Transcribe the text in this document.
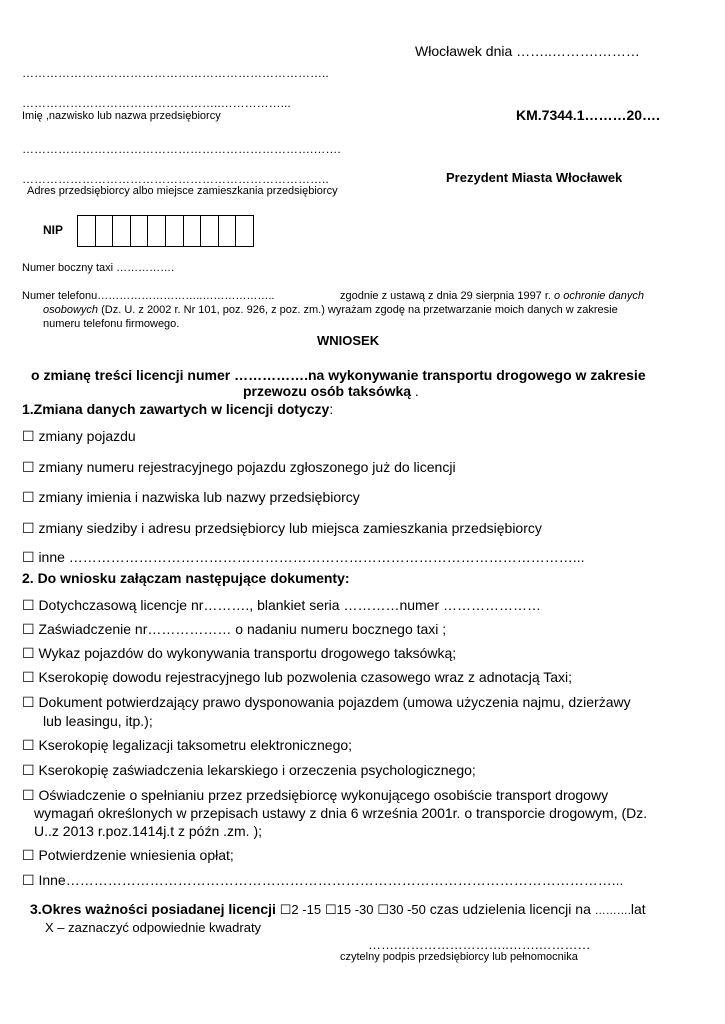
Włocławek dnia ……..……….………
…………………………………………………………………..
…………………………………………..……………...
Imię ,nazwisko lub nazwa przedsiębiorcy	KM.7344.1………20….
……………………………………………………………….…….
…………………………………………………………………..	Prezydent Miasta Włocławek
Adres przedsiębiorcy albo miejsce zamieszkania przedsiębiorcy
NIP
Numer boczny taxi …………….
Numer telefonu………………………..………………..	zgodnie z ustawą z dnia 29 sierpnia 1997 r. o ochronie danych
osobowych (Dz. U. z 2002 r. Nr 101, poz. 926, z poz. zm.) wyrażam zgodę na przetwarzanie moich danych w zakresie
numeru telefonu firmowego.
WNIOSEK
o zmianę treści licencji numer …………….na wykonywanie transportu drogowego w zakresie
przewozu osób taksówką .
1.Zmiana danych zawartych w licencji dotyczy:
☐ zmiany pojazdu
☐ zmiany numeru rejestracyjnego pojazdu zgłoszonego już do licencji
☐ zmiany imienia i nazwiska lub nazwy przedsiębiorcy
☐ zmiany siedziby i adresu przedsiębiorcy lub miejsca zamieszkania przedsiębiorcy
☐ inne ………………………………………………………………………………………………...
2. Do wniosku załączam następujące dokumenty:
☐ Dotychczasową licencje nr………., blankiet seria …………numer …………………
☐ Zaświadczenie nr……………… o nadaniu numeru bocznego taxi ;
☐ Wykaz pojazdów do wykonywania transportu drogowego taksówką;
☐ Kserokopię dowodu rejestracyjnego lub pozwolenia czasowego wraz z adnotacją Taxi;
☐ Dokument potwierdzający prawo dysponowania pojazdem (umowa użyczenia najmu, dzierżawy
lub leasingu, itp.);
☐ Kserokopię legalizacji taksometru elektronicznego;
☐ Kserokopię zaświadczenia lekarskiego i orzeczenia psychologicznego;
☐ Oświadczenie o spełnianiu przez przedsiębiorcę wykonującego osobiście transport drogowy
wymagań określonych w przepisach ustawy z dnia 6 września 2001r. o transporcie drogowym, (Dz.
U..z 2013 r.poz.1414j.t z późn .zm. );
☐ Potwierdzenie wniesienia opłat;
☐ Inne………………………………………………………………………………………………………...
3.Okres ważności posiadanej licencji ☐2 -15 ☐15 -30 ☐30 -50 czas udzielenia licencji na ……….lat
X – zaznaczyć odpowiednie kwadraty
…….……………………..…….…………
czytelny podpis przedsiębiorcy lub pełnomocnika
